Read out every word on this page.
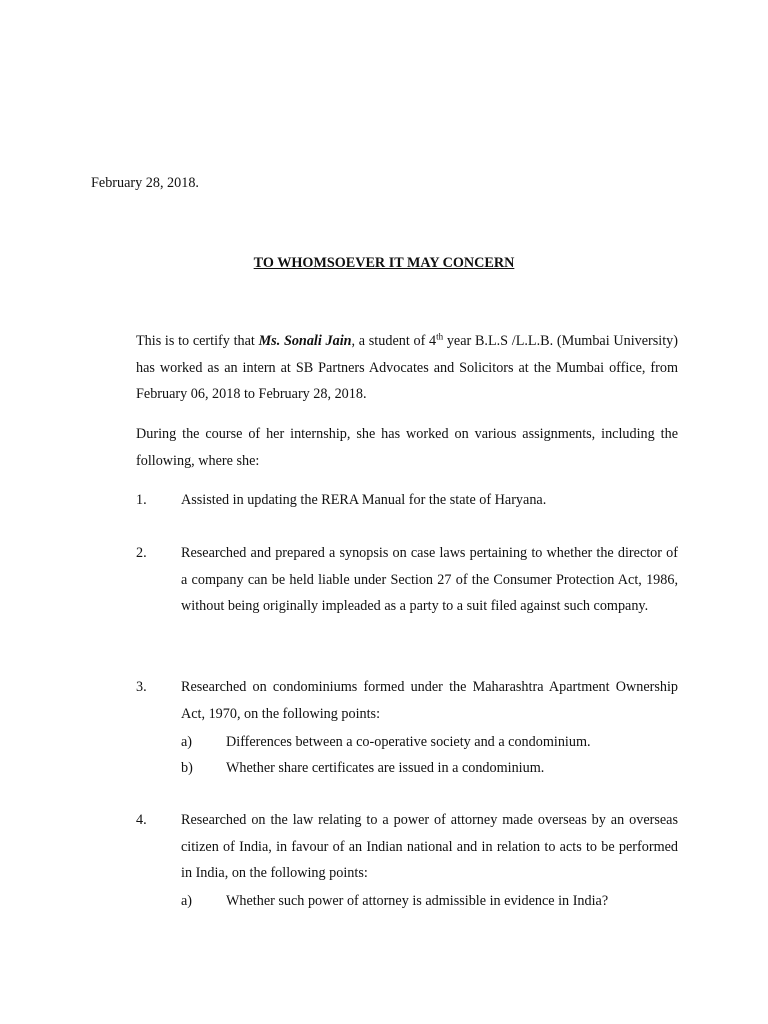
February 28, 2018.
TO WHOMSOEVER IT MAY CONCERN
This is to certify that Ms. Sonali Jain, a student of 4th year B.L.S /L.L.B. (Mumbai University) has worked as an intern at SB Partners Advocates and Solicitors at the Mumbai office, from February 06, 2018 to February 28, 2018.
During the course of her internship, she has worked on various assignments, including the following, where she:
1. Assisted in updating the RERA Manual for the state of Haryana.
2. Researched and prepared a synopsis on case laws pertaining to whether the director of a company can be held liable under Section 27 of the Consumer Protection Act, 1986, without being originally impleaded as a party to a suit filed against such company.
3. Researched on condominiums formed under the Maharashtra Apartment Ownership Act, 1970, on the following points:
a) Differences between a co-operative society and a condominium.
b) Whether share certificates are issued in a condominium.
4. Researched on the law relating to a power of attorney made overseas by an overseas citizen of India, in favour of an Indian national and in relation to acts to be performed in India, on the following points:
a) Whether such power of attorney is admissible in evidence in India?
